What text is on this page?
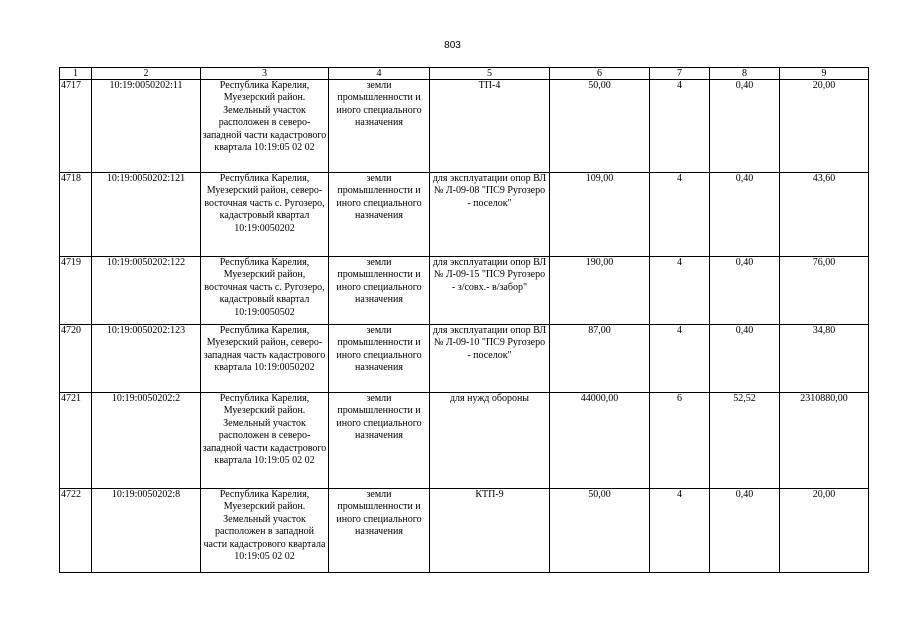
803
1	2	3	4	5	6	7	8	9
4717	10:19:0050202:11	Республика Карелия, Муезерский район. Земельный участок расположен в северо-западной части кадастрового квартала 10:19:05 02 02	земли промышленности и иного специального назначения	ТП-4	50,00	4	0,40	20,00
4718	10:19:0050202:121	Республика Карелия, Муезерский район, северо-восточная часть с. Ругозеро, кадастровый квартал 10:19:0050202	земли промышленности и иного специального назначения	для эксплуатации опор ВЛ № Л-09-08 "ПС9 Ругозеро - поселок"	109,00	4	0,40	43,60
4719	10:19:0050202:122	Республика Карелия, Муезерский район, восточная часть с. Ругозеро, кадастровый квартал 10:19:0050502	земли промышленности и иного специального назначения	для эксплуатации опор ВЛ № Л-09-15 "ПС9 Ругозеро - з/совх.- в/забор"	190,00	4	0,40	76,00
4720	10:19:0050202:123	Республика Карелия, Муезерский район, северо-западная часть кадастрового квартала 10:19:0050202	земли промышленности и иного специального назначения	для эксплуатации опор ВЛ № Л-09-10 "ПС9 Ругозеро - поселок"	87,00	4	0,40	34,80
4721	10:19:0050202:2	Республика Карелия, Муезерский район. Земельный участок расположен в северо-западной части кадастрового квартала 10:19:05 02 02	земли промышленности и иного специального назначения	для нужд обороны	44000,00	6	52,52	2310880,00
4722	10:19:0050202:8	Республика Карелия, Муезерский район. Земельный участок расположен в западной части кадастрового квартала 10:19:05 02 02	земли промышленности и иного специального назначения	КТП-9	50,00	4	0,40	20,00
